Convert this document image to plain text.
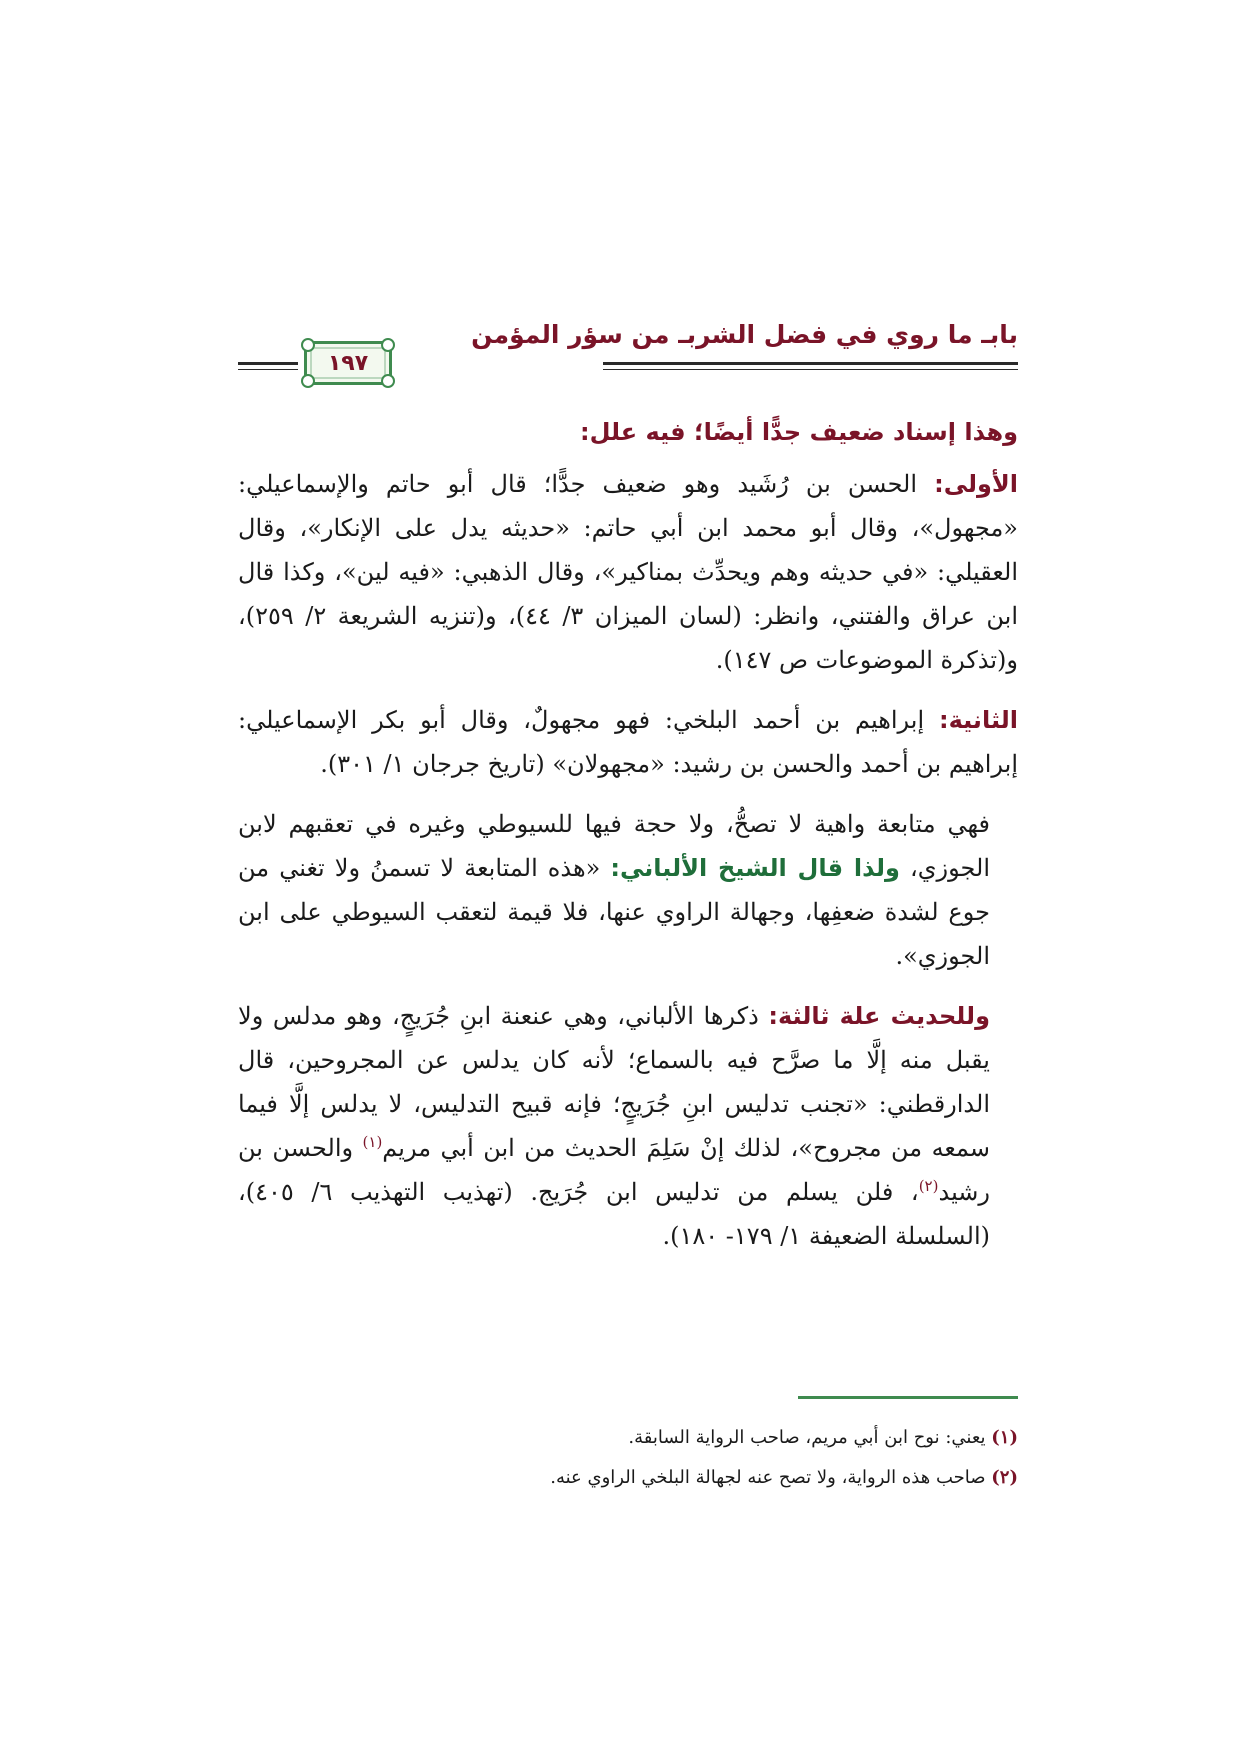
بابـ ما روي في فضل الشربـ من سؤر المؤمن
١٩٧

وهذا إسناد ضعيف جدًّا أيضًا؛ فيه علل:

الأولى: الحسن بن رُشَيد وهو ضعيف جدًّا؛ قال أبو حاتم والإسماعيلي: «مجهول»، وقال أبو محمد ابن أبي حاتم: «حديثه يدل على الإنكار»، وقال العقيلي: «في حديثه وهم ويحدِّث بمناكير»، وقال الذهبي: «فيه لين»، وكذا قال ابن عراق والفتني، وانظر: (لسان الميزان ٣/ ٤٤)، و(تنزيه الشريعة ٢/ ٢٥٩)، و(تذكرة الموضوعات ص ١٤٧).

الثانية: إبراهيم بن أحمد البلخي: فهو مجهولٌ، وقال أبو بكر الإسماعيلي: إبراهيم بن أحمد والحسن بن رشيد: «مجهولان» (تاريخ جرجان ١/ ٣٠١).

فهي متابعة واهية لا تصحُّ، ولا حجة فيها للسيوطي وغيره في تعقبهم لابن الجوزي، ولذا قال الشيخ الألباني: «هذه المتابعة لا تسمنُ ولا تغني من جوع لشدة ضعفِها، وجهالة الراوي عنها، فلا قيمة لتعقب السيوطي على ابن الجوزي».

وللحديث علة ثالثة: ذكرها الألباني، وهي عنعنة ابنِ جُرَيجٍ، وهو مدلس ولا يقبل منه إلَّا ما صرَّح فيه بالسماع؛ لأنه كان يدلس عن المجروحين، قال الدارقطني: «تجنب تدليس ابنِ جُرَيجٍ؛ فإنه قبيح التدليس، لا يدلس إلَّا فيما سمعه من مجروح»، لذلك إنْ سَلِمَ الحديث من ابن أبي مريم$^{(١)}$ والحسن بن رشيد$^{(٢)}$، فلن يسلم من تدليس ابن جُرَيج. (تهذيب التهذيب ٦/ ٤٠٥)، (السلسلة الضعيفة ١/ ١٧٩- ١٨٠).

(١) يعني: نوح ابن أبي مريم، صاحب الرواية السابقة.

(٢) صاحب هذه الرواية، ولا تصح عنه لجهالة البلخي الراوي عنه.
